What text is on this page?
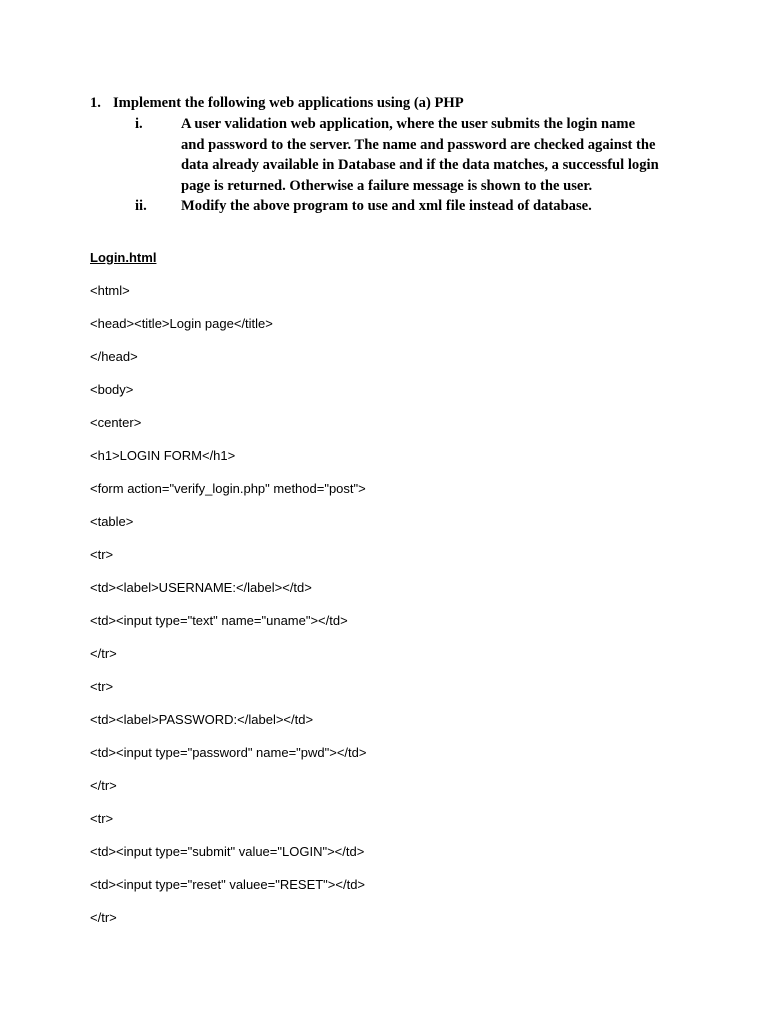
1. Implement the following web applications using (a) PHP
i.	A user validation web application, where the user submits the login name
and password to the server. The name and password are checked against the
data already available in Database and if the data matches, a successful login
page is returned. Otherwise a failure message is shown to the user.
ii. Modify the above program to use and xml file instead of database.
Login.html
<html>
<head><title>Login page</title>
</head>
<body>
<center>
<h1>LOGIN FORM</h1>
<form action="verify_login.php" method="post">
<table>
<tr>
<td><label>USERNAME:</label></td>
<td><input type="text" name="uname"></td>
</tr>
<tr>
<td><label>PASSWORD:</label></td>
<td><input type="password" name="pwd"></td>
</tr>
<tr>
<td><input type="submit" value="LOGIN"></td>
<td><input type="reset" valuee="RESET"></td>
</tr>
